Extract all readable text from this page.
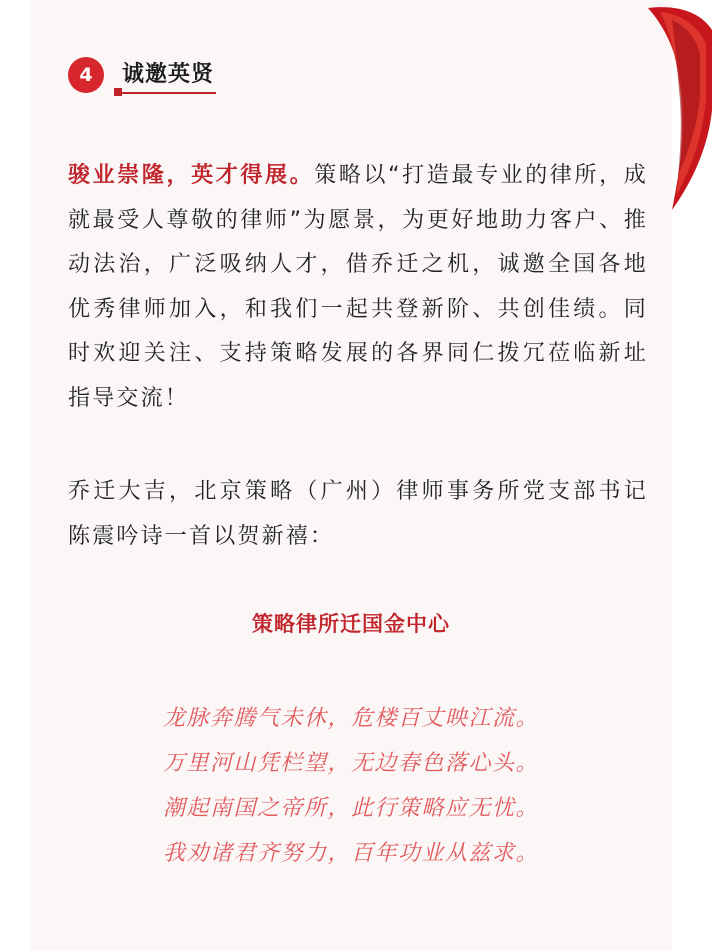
4	诚邀英贤
骏业崇隆，英才得展。策略以“打造最专业的律所，成就最受人尊敬的律师”为愿景，为更好地助力客户、推动法治，广泛吸纳人才，借乔迁之机，诚邀全国各地优秀律师加入，和我们一起共登新阶、共创佳绩。同时欢迎关注、支持策略发展的各界同仁拨冗莅临新址指导交流！
乔迁大吉，北京策略（广州）律师事务所党支部书记陈震吟诗一首以贺新禧：
策略律所迁国金中心
龙脉奔腾气未休，危楼百丈映江流。
万里河山凭栏望，无边春色落心头。
潮起南国之帝所，此行策略应无忧。
我劝诸君齐努力，百年功业从兹求。
